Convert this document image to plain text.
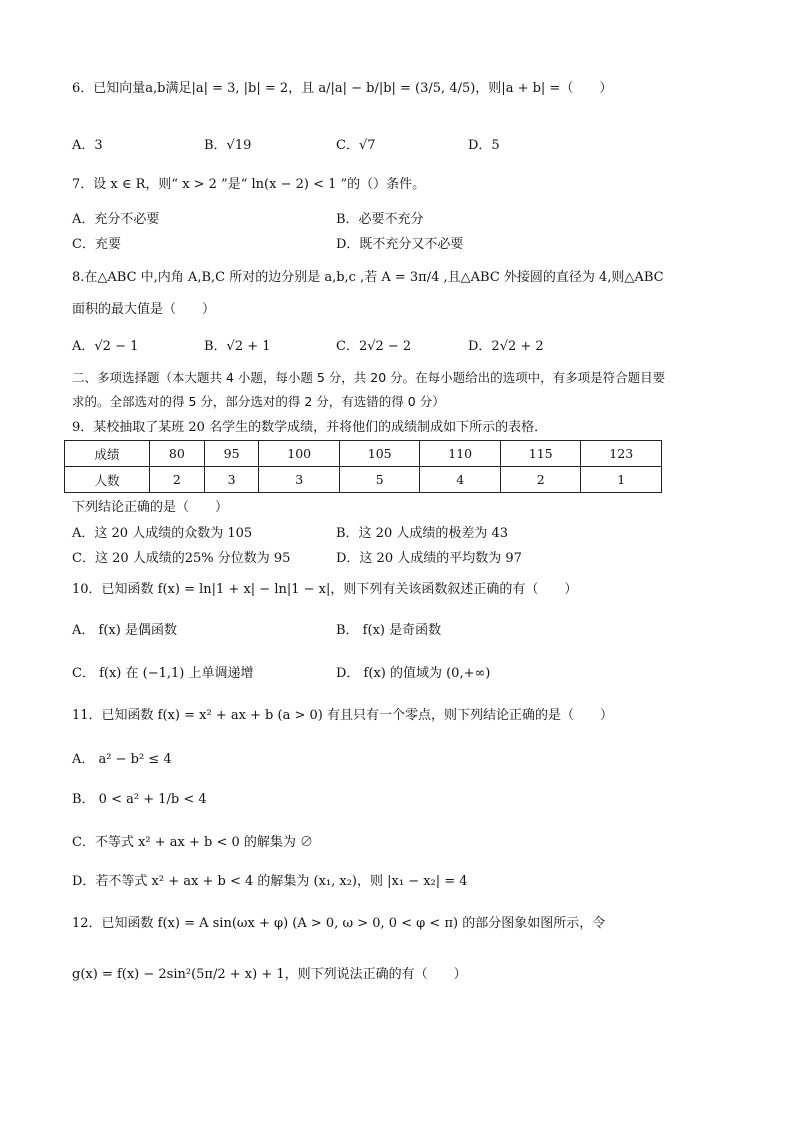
6．已知向量a,b满足|a| = 3, |b| = 2，且 a/|a| − b/|b| = (3/5, 4/5)，则|a + b| =（　　）
A．3	B．√19	C．√7	D．5
7．设 x ∈ R，则“ x > 2 ”是“ ln(x − 2) < 1 ”的（）条件。
A．充分不必要	B．必要不充分
C．充要	D．既不充分又不必要
8.在△ABC 中,内角 A,B,C 所对的边分别是 a,b,c ,若 A = 3π/4 ,且△ABC 外接圆的直径为 4,则△ABC
面积的最大值是（　　）
A．√2 − 1	B．√2 + 1	C．2√2 − 2	D．2√2 + 2
二、多项选择题（本大题共 4 小题，每小题 5 分，共 20 分。在每小题给出的选项中，有多项是符合题目要
求的。全部选对的得 5 分，部分选对的得 2 分，有选错的得 0 分）
9．某校抽取了某班 20 名学生的数学成绩，并将他们的成绩制成如下所示的表格．
成绩	80	95	100	105	110	115	123
人数	2	3	3	5	4	2	1
下列结论正确的是（　　）
A．这 20 人成绩的众数为 105	B．这 20 人成绩的极差为 43
C．这 20 人成绩的25% 分位数为 95	D．这 20 人成绩的平均数为 97
10．已知函数 f(x) = ln|1 + x| − ln|1 − x|，则下列有关该函数叙述正确的有（　　）
A． f(x) 是偶函数	B． f(x) 是奇函数
C． f(x) 在 (−1,1) 上单调递增	D． f(x) 的值域为 (0,+∞)
11．已知函数 f(x) = x² + ax + b (a > 0) 有且只有一个零点，则下列结论正确的是（　　）
A． a² − b² ≤ 4
B． 0 < a² + 1/b < 4
C．不等式 x² + ax + b < 0 的解集为 ∅
D．若不等式 x² + ax + b < 4 的解集为 (x₁, x₂)，则 |x₁ − x₂| = 4
12．已知函数 f(x) = A sin(ωx + φ) (A > 0, ω > 0, 0 < φ < π) 的部分图象如图所示，令
g(x) = f(x) − 2sin²(5π/2 + x) + 1，则下列说法正确的有（　　）
